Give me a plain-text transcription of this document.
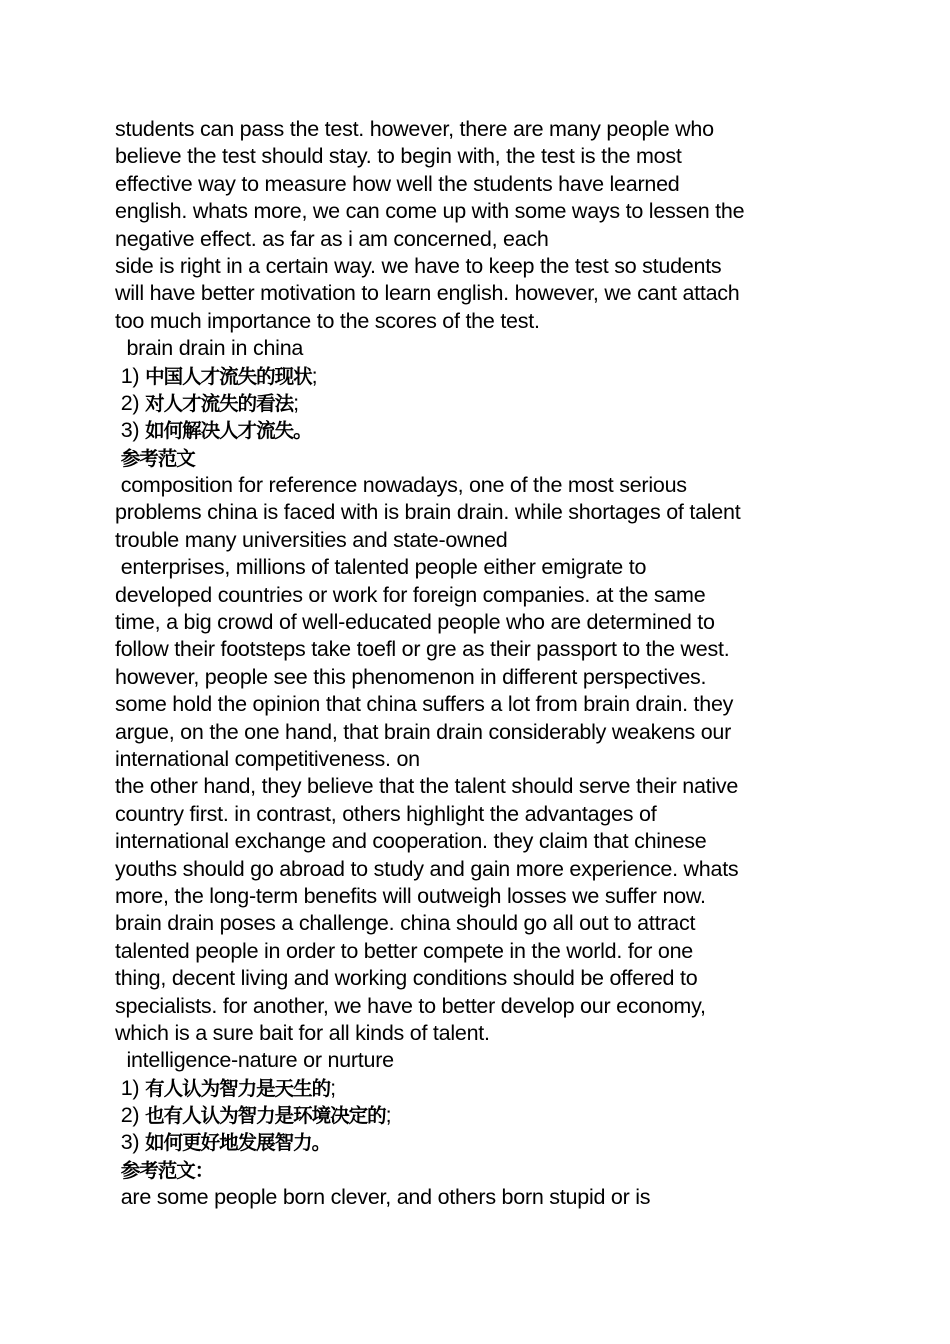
students can pass the test. however, there are many people who
believe the test should stay. to begin with, the test is the most
effective way to measure how well the students have learned
english. whats more, we can come up with some ways to lessen the
negative effect. as far as i am concerned, each
side is right in a certain way. we have to keep the test so students
will have better motivation to learn english. however, we cant attach
too much importance to the scores of the test.
brain drain in china
1) 中国人才流失的现状;
2) 对人才流失的看法;
3) 如何解决人才流失。
参考范文
composition for reference nowadays, one of the most serious
problems china is faced with is brain drain. while shortages of talent
trouble many universities and state-owned
enterprises, millions of talented people either emigrate to
developed countries or work for foreign companies. at the same
time, a big crowd of well-educated people who are determined to
follow their footsteps take toefl or gre as their passport to the west.
however, people see this phenomenon in different perspectives.
some hold the opinion that china suffers a lot from brain drain. they
argue, on the one hand, that brain drain considerably weakens our
international competitiveness. on
the other hand, they believe that the talent should serve their native
country first. in contrast, others highlight the advantages of
international exchange and cooperation. they claim that chinese
youths should go abroad to study and gain more experience. whats
more, the long-term benefits will outweigh losses we suffer now.
brain drain poses a challenge. china should go all out to attract
talented people in order to better compete in the world. for one
thing, decent living and working conditions should be offered to
specialists. for another, we have to better develop our economy,
which is a sure bait for all kinds of talent.
intelligence-nature or nurture
1) 有人认为智力是天生的;
2) 也有人认为智力是环境决定的;
3) 如何更好地发展智力。
参考范文：
are some people born clever, and others born stupid or is
